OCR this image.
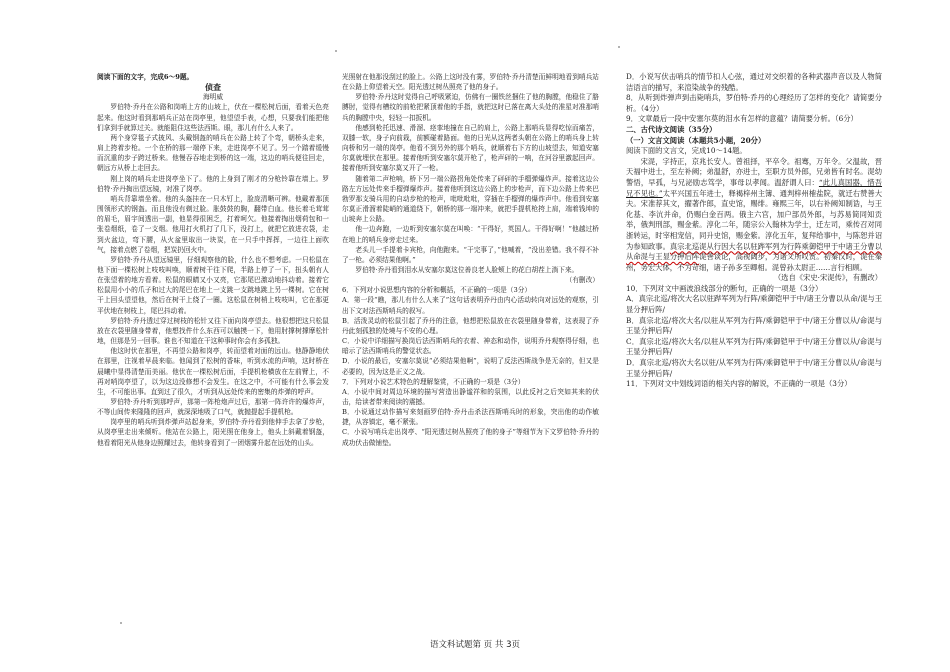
阅读下面的文字，完成6～9题。

侦查

海明威

罗伯特·乔丹在公路和岗哨上方的山坡上，伏在一棵松树后面，看着天色亮起来。他这时看到那哨兵正站在岗亭里，他望望手表，心想，只要我们能把他们拿到手就算过关。就能阻住这些法西斯。眼，那儿有什么人来了。

两个身穿毯子式披风、头戴钢盔的哨兵在公路上转了个弯，朝桥头走来，肩上挎着步枪。一个在桥的那一端停下来，走进岗亭不见了。另一个踏着缓慢而沉重的步子跨过桥来。他慢吞吞地走到桥的这一端，这边的哨兵便往回走，朝远方从桥上走回去。

刚上岗的哨兵走进岗亭坐下了。他的上身到了刚才的分枪铃靠在墙上。罗伯特·乔丹掏出望远镜，对准了岗亭。

哨兵背靠墙坐着。他的头盔挂在一只木钉上，脸庞清晰可辨。他戴着那顶围领形式的钢盔。而且他没有剃过脸。胀鼓鼓的胸，翻带白血。他长着毛茸茸的眉毛，眉宇间透出一副，他显得很困乏，打着呵欠。他接着掏出烟荷包和一张卷烟纸，卷了一支烟。他用打火机打了几下，没打上，就把它放进衣袋，走到火盆边，弯下腰，从火盆里取出一块炭，在一只手中挥挥，一边往上面吹气，接着点燃了卷烟，把炭扔回火中。

罗伯特·乔丹从望远镜里，仔细观察他的脸，什么也不想考虑。一只松鼠在他下面一棵松树上吱吱叫唤，顺着树干往下爬，半路上停了一下，扭头朝有人在张望着的地方看着。松鼠的眼睛又小又亮，它那尾巴激动地抖动着。接着它松鼠用小小的爪子和过大的尾巴在地上一支跳一支跳地跳上另一棵树。它在树干上回头望望他，然后在树干上绕了一圈。这松鼠在树梢上吱吱叫，它在那更平伏地在树枝上，尾巴抖动着。

罗伯特·乔丹透过穿过树枝的松针又往下面向岗亭望去。他很想把这只松鼠放在衣袋里随身带着，他想找件什么东西可以触摸一下，他用肘撑树撑摩松针地，但那是另一回事。谁也不知道在干这种事时你会有多孤独。

他这时伏在那里，不再望公路和岗亭，转而望着对面的远山。他静静地伏在那里，注视着早晨来临。他闻到了松树的香味，听到水流的声响，这时桥在晨曦中显得清楚而美丽。他伏在一棵松树后面，手提机枪横放在左前臂上，不再对哨岗亭望了，以为这边没修想不会发生。在这之中，不可能有什么事会发生，不可能出事。直到过了很久，才听到从远处传来的密集的炸弹的呼声。

罗伯特·乔丹听到那呼声，那第一阵枪炮声过后，那第一阵许许的爆炸声，不等山间传来隆隆的回声，就深深地吸了口气，就抛提起手提机枪。

岗亭里的哨兵听到炸弹声站起身来，罗伯特·乔丹看到他伸手去拿了步枪，从岗亭里走出来倾听。他站在公路上，阳光照在他身上，他头上斜戴着钢盔，他看着阳光从他身边照耀过去，他转身看到了一团烟雾升起在远处的山头。

光照射在他那没刮过的脸上。公路上这时没有雾，罗伯特·乔丹清楚而鲜明地看到哨兵站在公路上仰望着天空。阳光透过树丛照亮了他的身子。

罗伯特·乔丹这时觉得自己呼吸紧迫，仿佛有一圈铁丝捆住了他的胸膛，他稳住了胳膊肘，觉得有槽纹的前枪把紧顶着他的手指，就把这时已落在离大头处的准星对准那哨兵的胸膛中央，轻轻一扣扳机。

他感到枪托迅速、滑溜、痉挛地撞在自己的肩上，公路上那哨兵显得吃惊而痛苦，双膝一软，身子向前栽，前额碰着路面。他的日光从这两者头朝在公路上的哨兵身上转向桥和另一端的岗亭。他看不到另外的那个哨兵，就顺着右下方的山坡望去，知道安塞尔莫就埋伏在那里。接着他听到安塞尔莫开枪了，枪声砰的一响，在河谷里激起回声。接着他听到安塞尔莫又开了一枪。

随着第二声枪响，桥下另一端公路拐角处传来了砰砰的手榴弹爆炸声。接着这边公路左方远处传来手榴弹爆炸声。接着他听到这边公路上的步枪声，而下边公路上传来巴勃罗那支骑兵用的自动步枪的枪声，吡吡吡吡，穿插在手榴弹的爆炸声中。他看到安塞尔莫正滑溜着陡峭的通道绕下，朝桥的那一端冲来，就把手提机枪挎上肩，端着钱坤的山坡奔上公路。

他一边奔跑，一边听到安塞尔莫在叫唤：“干得好，英国人。干得好啊！”他越过桥在地上的哨兵身旁走过来。

老头儿一手提着卡宾枪，向他跑来。“干完事了，”他喊着，“没出差错。我不得不补了一枪。必须结果他啊。”

罗伯特·乔丹看到泪水从安塞尔莫这位善良老人脸颊上的花白胡茬上淌下来。

（有删改）

6．下列对小说思想内容的分析和概括，不正确的一项是（3分）

A．第一段“瞧，那儿有什么人来了”这句话表明乔丹由内心活动转向对远处的观察，引出下文对法西斯哨兵的叙写。

B．活泼灵动的松鼠引起了乔丹的注意，他想把松鼠放在衣袋里随身带着，这表现了乔丹此刻孤独的处境与不安的心理。

C．小说中详细描写换岗后法西斯哨兵的衣着、神态和动作，说明乔丹观察得仔细，也暗示了法西斯哨兵的警觉状态。

D．小说的最后，安塞尔莫说“必须结果他啊”，说明了反法西斯战争是无奈的，但又是必要的，因为这是正义之战。

7．下列对小说艺术特色的理解鉴赏，不正确的一项是（3分）

A．小说中间对周边环境的描写营造出静谧祥和的氛围，以此反衬之后突如其来的伏击，给读者带来阅读的震撼。

B．小说通过动作描写来刻画罗伯特·乔丹击杀法西斯哨兵时的形象，突出他的动作敏捷，从容镇定，毫不紧张。

C．小说写哨兵走出岗亭、“阳光透过树丛照亮了他的身子”等细节为下文罗伯特·乔丹的成功伏击做铺垫。

D．小说写伏击哨兵的情节扣人心弦，通过对交织着的各种武器声音以及人物简洁语言的描写，来渲染战争的残酷。

8．从听到炸弹声到击毙哨兵，罗伯特·乔丹的心理经历了怎样的变化？请简要分析。（4分）

9．文章最后一段中安塞尔莫的泪水有怎样的意蕴？请简要分析。（6分）

二、古代诗文阅读（35分）

（一）文言文阅读（本题共5小题，20分）

阅读下面的文言文，完成10～14题。

宋湜，字持正，京兆长安人。曾祖择，平卒令。祖骞，万年令。父温故，晋天福中进士，至左补阙；弟温舒，亦进士，至职方员外郎，兄弟皆有时名。湜幼警悟，早孤，与兄泌励志笃学，事母以孝闻。温舒谓人曰：“此儿真国器，惜吾兄不见也。”太平兴国五年进士，释褐梓州主簿、通判梓州榷盐院，就迁右赞善大夫。宋准荐其文，擢著作郎，直史馆，赐绯。雍熙三年，以右补阙知制诰，与王化基、李沆并命，仍赐白金百两。俄主六官，加户部员外郎，与苏易简同知贡举，俄判刑部，赐金紫。淳化二年，随宗公入翰林为学士，迁左司，乘传召对同浙转运，时宰相宠信，同升史馆，赐金紫。淳化五年，复拜给事中，与陈恕并诏为参知政事。真宗北巡湜从行因大名以驻跸军列为行阵乘御铠甲于中诸王分曹以从命湜与王显分押后阵湜善谈论，高视阔步，为诸父所叹赏。初秦汉时，湜在秦州，务宏大体，不为苛细，诸子孙多至卿相。湜曾孙太尉正……言行相顾。

（选自《宋史·宋湜传》，有删改）

10．下列对文中画波浪线部分的断句，正确的一项是（3分）

A．真宗北巡/将次大名以驻跸军列为行阵/乘御铠甲于中/诸王分曹以从命/湜与王显分押后阵/

B．真宗北巡/将次大名/以驻从军列为行阵/乘御铠甲于中/诸王分曹以从/命湜与王显分押后阵/

C．真宗北巡/将次大名/以驻从军列为行阵/乘御铠甲于中/诸王分曹以从/命湜与王显分押后阵/

D．真宗北巡/将次大名以驻/从军列为行阵/乘御铠甲于中/诸王分曹以从/命湜与王显分押后阵/

11．下列对文中划线词语的相关内容的解说，不正确的一项是（3分）

语文科试题第 页 共 3页
